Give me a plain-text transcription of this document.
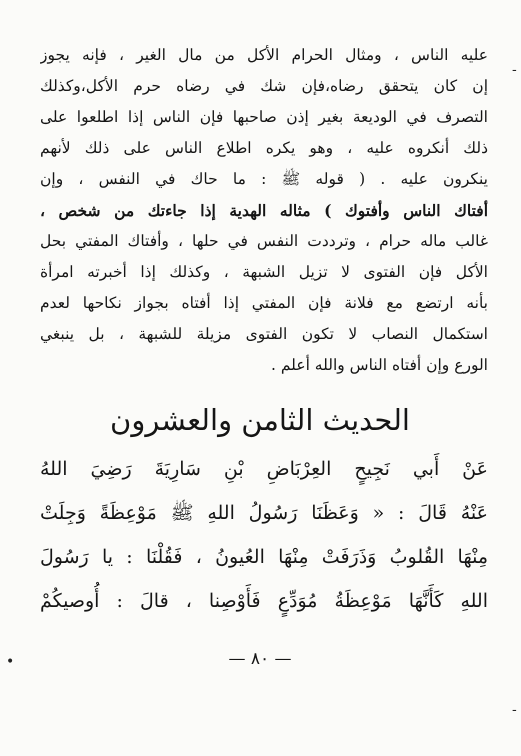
عليه الناس ، ومثال الحرام الأكل من مال الغير ، فإنه يجوز
إن كان يتحقق رضاه،فإن شك في رضاه حرم الأكل،وكذلك
التصرف في الوديعة بغير إذن صاحبها فإن الناس إذا اطلعوا على
ذلك أنكروه عليه ، وهو يكره اطلاع الناس على ذلك لأنهم
ينكرون عليه . ( قوله ﷺ : ما حاك في النفس ، وإن
أفتاك الناس وأفتوك ) مثاله الهدية إذا جاءتك من شخص ،
غالب ماله حرام ، وترددت النفس في حلها ، وأفتاك المفتي بحل
الأكل فإن الفتوى لا تزيل الشبهة ، وكذلك إذا أخبرته امرأة
بأنه ارتضع مع فلانة فإن المفتي إذا أفتاه بجواز نكاحها لعدم
استكمال النصاب لا تكون الفتوى مزيلة للشبهة ، بل ينبغي
الورع وإن أفتاه الناس والله أعلم .
الحديث الثامن والعشرون
عَنْ أَبي نَجِيحٍ العِرْبَاضِ بْنِ سَارِيَةَ رَضِيَ اللهُ
عَنْهُ قَالَ : « وَعَظَنَا رَسُولُ اللهِ ﷺ مَوْعِظَةً وَجِلَتْ
مِنْهَا القُلوبُ وَذَرَفَتْ مِنْهَا العُيونُ ، فَقُلْنَا : يا رَسُولَ
اللهِ كَأَنَّهَا مَوْعِظَةُ مُوَدِّعٍ فَأَوْصِنا ، قالَ : أُوصيكُمْ
— ٨٠ —
-
•
-
